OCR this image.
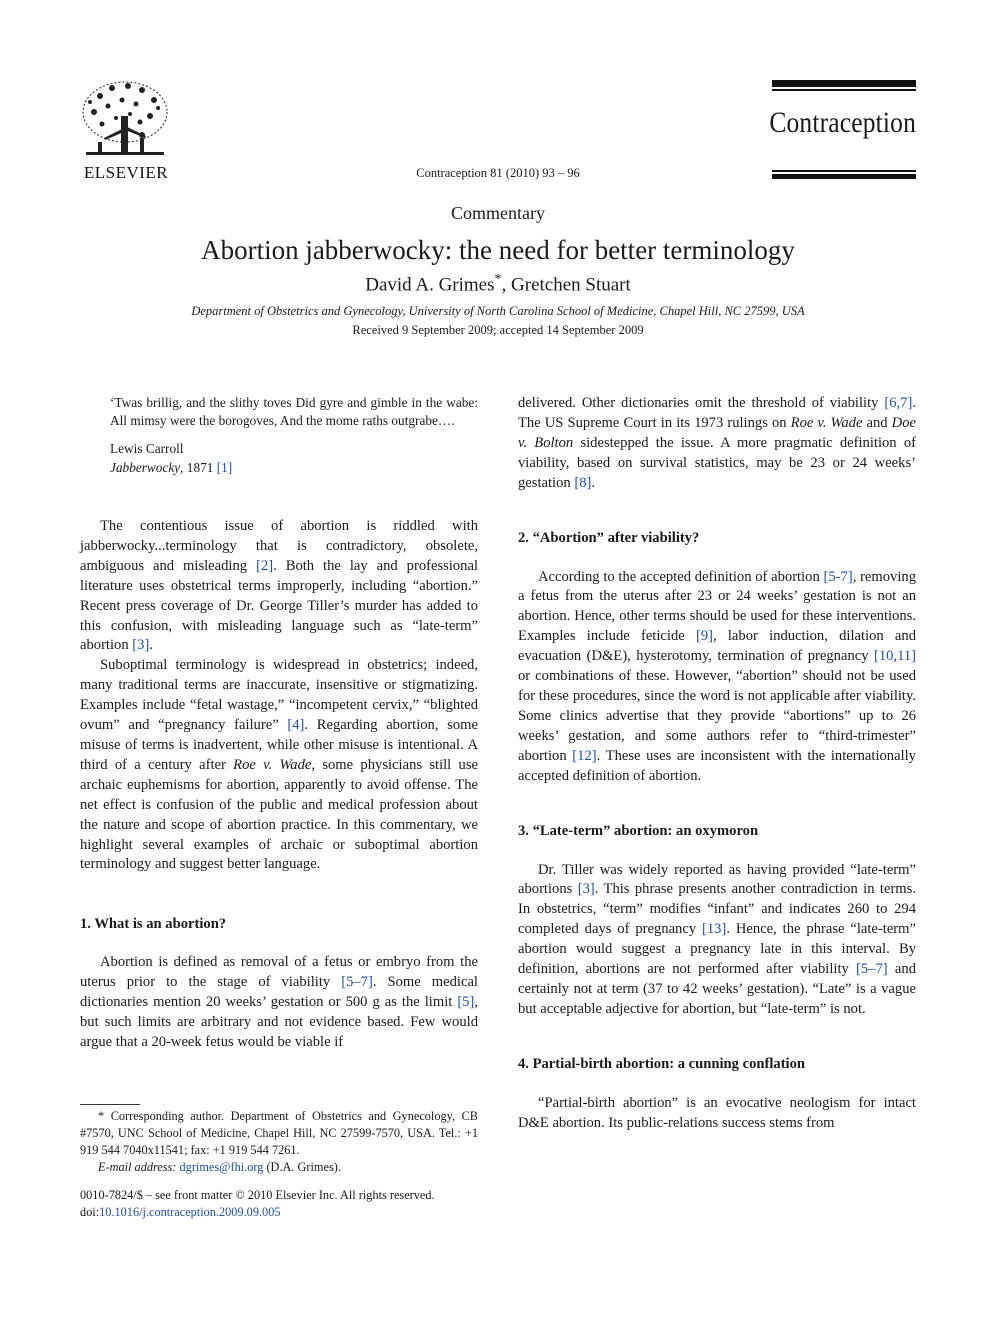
ELSEVIER	Contraception 81 (2010) 93 – 96
Contraception
Commentary
Abortion jabberwocky: the need for better terminology
David A. Grimes*, Gretchen Stuart
Department of Obstetrics and Gynecology, University of North Carolina School of Medicine, Chapel Hill, NC 27599, USA
Received 9 September 2009; accepted 14 September 2009

‘Twas brillig, and the slithy toves Did gyre and gimble in the wabe: All mimsy were the borogoves, And the mome raths outgrabe….

Lewis Carroll

Jabberwocky, 1871 [1]

The contentious issue of abortion is riddled with jabberwocky...terminology that is contradictory, obsolete, ambiguous and misleading [2]. Both the lay and professional literature uses obstetrical terms improperly, including “abortion.” Recent press coverage of Dr. George Tiller’s murder has added to this confusion, with misleading language such as “late-term” abortion [3].

Suboptimal terminology is widespread in obstetrics; indeed, many traditional terms are inaccurate, insensitive or stigmatizing. Examples include “fetal wastage,” “incompetent cervix,” “blighted ovum” and “pregnancy failure” [4]. Regarding abortion, some misuse of terms is inadvertent, while other misuse is intentional. A third of a century after Roe v. Wade, some physicians still use archaic euphemisms for abortion, apparently to avoid offense. The net effect is confusion of the public and medical profession about the nature and scope of abortion practice. In this commentary, we highlight several examples of archaic or suboptimal abortion terminology and suggest better language.

1. What is an abortion?

Abortion is defined as removal of a fetus or embryo from the uterus prior to the stage of viability [5–7]. Some medical dictionaries mention 20 weeks’ gestation or 500 g as the limit [5], but such limits are arbitrary and not evidence based. Few would argue that a 20-week fetus would be viable if

delivered. Other dictionaries omit the threshold of viability [6,7]. The US Supreme Court in its 1973 rulings on Roe v. Wade and Doe v. Bolton sidestepped the issue. A more pragmatic definition of viability, based on survival statistics, may be 23 or 24 weeks’ gestation [8].

2. “Abortion” after viability?

According to the accepted definition of abortion [5-7], removing a fetus from the uterus after 23 or 24 weeks’ gestation is not an abortion. Hence, other terms should be used for these interventions. Examples include feticide [9], labor induction, dilation and evacuation (D&E), hysterotomy, termination of pregnancy [10,11] or combinations of these. However, “abortion” should not be used for these procedures, since the word is not applicable after viability. Some clinics advertise that they provide “abortions” up to 26 weeks’ gestation, and some authors refer to “third-trimester” abortion [12]. These uses are inconsistent with the internationally accepted definition of abortion.

3. “Late-term” abortion: an oxymoron

Dr. Tiller was widely reported as having provided “late-term” abortions [3]. This phrase presents another contradiction in terms. In obstetrics, “term” modifies “infant” and indicates 260 to 294 completed days of pregnancy [13]. Hence, the phrase “late-term” abortion would suggest a pregnancy late in this interval. By definition, abortions are not performed after viability [5–7] and certainly not at term (37 to 42 weeks’ gestation). “Late” is a vague but acceptable adjective for abortion, but “late-term” is not.

4. Partial-birth abortion: a cunning conflation

“Partial-birth abortion” is an evocative neologism for intact D&E abortion. Its public-relations success stems from

* Corresponding author. Department of Obstetrics and Gynecology, CB #7570, UNC School of Medicine, Chapel Hill, NC 27599-7570, USA. Tel.: +1 919 544 7040x11541; fax: +1 919 544 7261.
E-mail address: dgrimes@fhi.org (D.A. Grimes).
0010-7824/$ – see front matter © 2010 Elsevier Inc. All rights reserved.
doi:10.1016/j.contraception.2009.09.005
